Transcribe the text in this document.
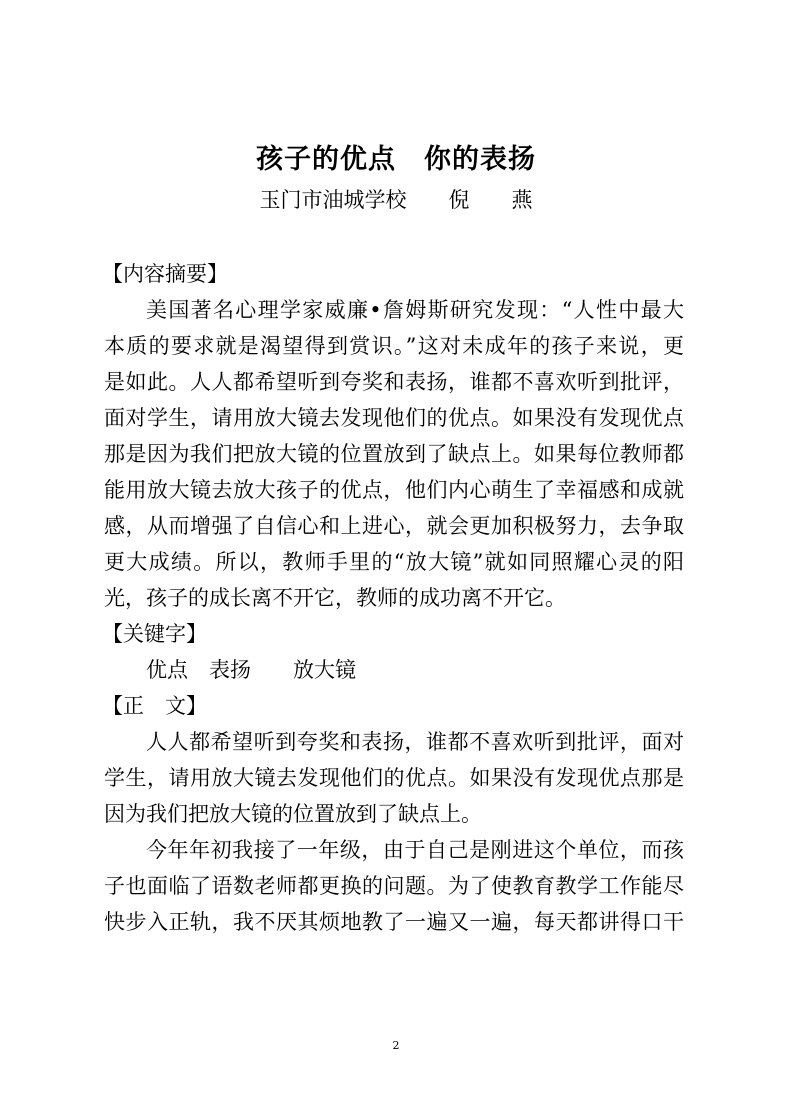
孩子的优点　你的表扬
玉门市油城学校　　倪　　燕
【内容摘要】
美国著名心理学家威廉•詹姆斯研究发现：“人性中最大
本质的要求就是渴望得到赏识。”这对未成年的孩子来说，更
是如此。人人都希望听到夸奖和表扬，谁都不喜欢听到批评，
面对学生，请用放大镜去发现他们的优点。如果没有发现优点
那是因为我们把放大镜的位置放到了缺点上。如果每位教师都
能用放大镜去放大孩子的优点，他们内心萌生了幸福感和成就
感，从而增强了自信心和上进心，就会更加积极努力，去争取
更大成绩。所以，教师手里的“放大镜”就如同照耀心灵的阳
光，孩子的成长离不开它，教师的成功离不开它。
【关键字】
优点　表扬　　放大镜
【正　文】
人人都希望听到夸奖和表扬，谁都不喜欢听到批评，面对
学生，请用放大镜去发现他们的优点。如果没有发现优点那是
因为我们把放大镜的位置放到了缺点上。
今年年初我接了一年级，由于自己是刚进这个单位，而孩
子也面临了语数老师都更换的问题。为了使教育教学工作能尽
快步入正轨，我不厌其烦地教了一遍又一遍，每天都讲得口干
2
